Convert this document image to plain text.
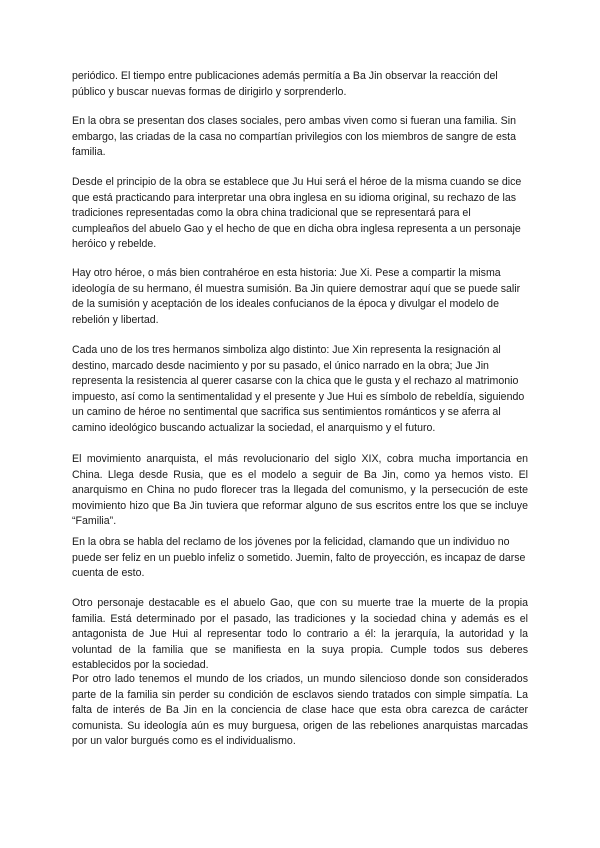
periódico. El tiempo entre publicaciones además permitía a Ba Jin observar la reacción del público y buscar nuevas formas de dirigirlo y sorprenderlo.

En la obra se presentan dos clases sociales, pero ambas viven como si fueran una familia. Sin embargo, las criadas de la casa no compartían privilegios con los miembros de sangre de esta familia.

Desde el principio de la obra se establece que Ju Hui será el héroe de la misma cuando se dice que está practicando para interpretar una obra inglesa en su idioma original, su rechazo de las tradiciones representadas como la obra china tradicional que se representará para el cumpleaños del abuelo Gao y el hecho de que en dicha obra inglesa representa a un personaje heróico y rebelde.

Hay otro héroe, o más bien contrahéroe en esta historia: Jue Xi. Pese a compartir la misma ideología de su hermano, él muestra sumisión. Ba Jin quiere demostrar aquí que se puede salir de la sumisión y aceptación de los ideales confucianos de la época y divulgar el modelo de rebelión y libertad.

Cada uno de los tres hermanos simboliza algo distinto: Jue Xin representa la resignación al destino, marcado desde nacimiento y por su pasado, el único narrado en la obra; Jue Jin representa la resistencia al querer casarse con la chica que le gusta y el rechazo al matrimonio impuesto, así como la sentimentalidad y el presente y Jue Hui es símbolo de rebeldía, siguiendo un camino de héroe no sentimental que sacrifica sus sentimientos románticos y se aferra al camino ideológico buscando actualizar la sociedad, el anarquismo y el futuro.

El movimiento anarquista, el más revolucionario del siglo XIX, cobra mucha importancia en China. Llega desde Rusia, que es el modelo a seguir de Ba Jin, como ya hemos visto. El anarquismo en China no pudo florecer tras la llegada del comunismo, y la persecución de este movimiento hizo que Ba Jin tuviera que reformar alguno de sus escritos entre los que se incluye “Familia”.

En la obra se habla del reclamo de los jóvenes por la felicidad, clamando que un individuo no puede ser feliz en un pueblo infeliz o sometido. Juemin, falto de proyección, es incapaz de darse cuenta de esto.

Otro personaje destacable es el abuelo Gao, que con su muerte trae la muerte de la propia familia. Está determinado por el pasado, las tradiciones y la sociedad china y además es el antagonista de Jue Hui al representar todo lo contrario a él: la jerarquía, la autoridad y la voluntad de la familia que se manifiesta en la suya propia. Cumple todos sus deberes establecidos por la sociedad.

Por otro lado tenemos el mundo de los criados, un mundo silencioso donde son considerados parte de la familia sin perder su condición de esclavos siendo tratados con simple simpatía. La falta de interés de Ba Jin en la conciencia de clase hace que esta obra carezca de carácter comunista. Su ideología aún es muy burguesa, origen de las rebeliones anarquistas marcadas por un valor burgués como es el individualismo.
